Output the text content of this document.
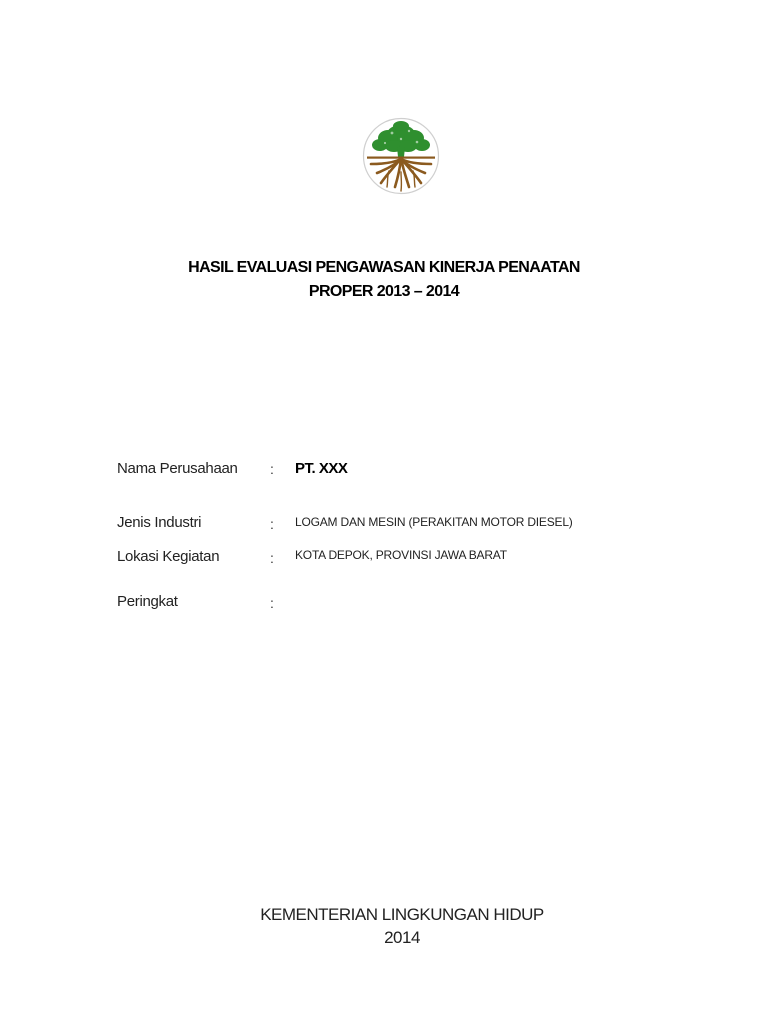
HASIL EVALUASI PENGAWASAN KINERJA PENAATAN
PROPER 2013 – 2014
Nama Perusahaan : PT. XXX
Jenis Industri	: LOGAM DAN MESIN (PERAKITAN MOTOR DIESEL)
Lokasi Kegiatan	: KOTA DEPOK, PROVINSI JAWA BARAT
Peringkat	:
KEMENTERIAN LINGKUNGAN HIDUP
2014
